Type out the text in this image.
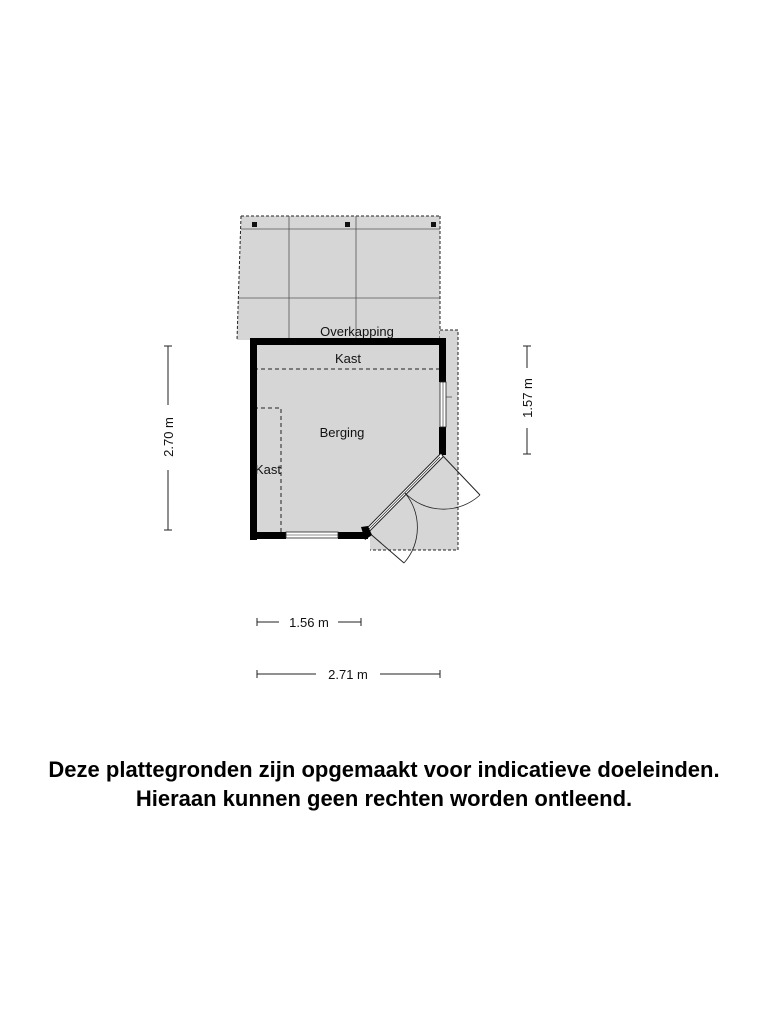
Overkapping
Kast
Berging
Kast
2.70 m
1.57 m
1.56 m
2.71 m
Deze plattegronden zijn opgemaakt voor indicatieve doeleinden.
Hieraan kunnen geen rechten worden ontleend.
